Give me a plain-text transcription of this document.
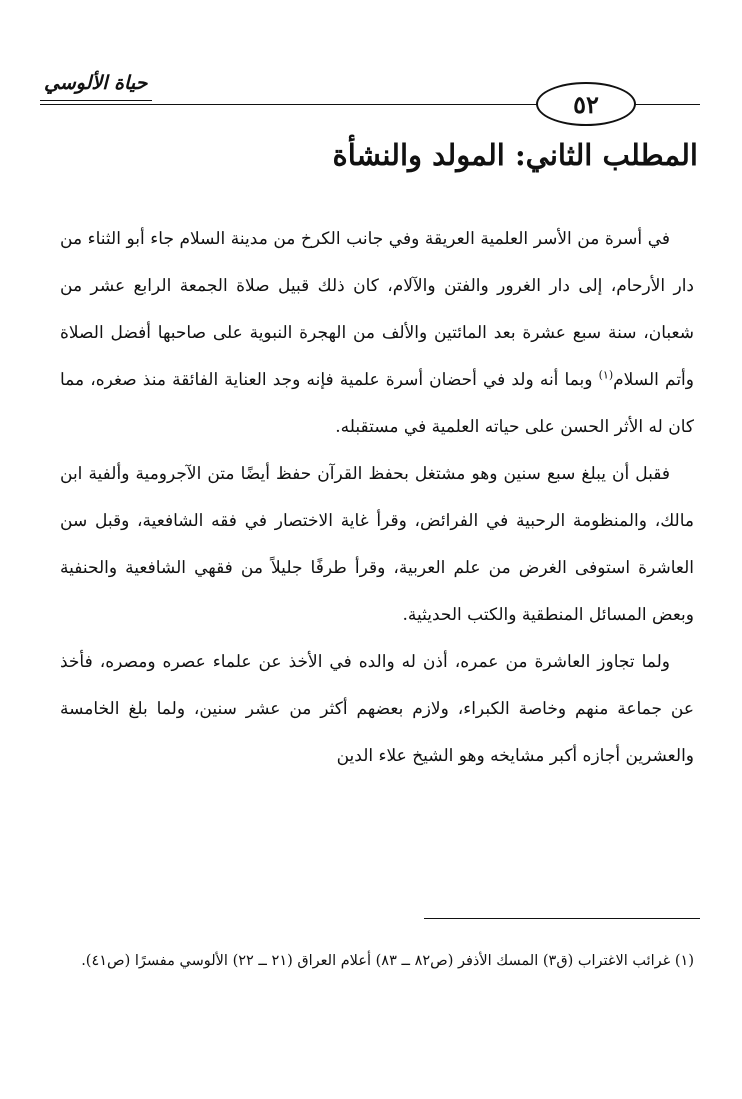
حياة الألوسي
٥٢
المطلب الثاني: المولد والنشأة

في أسرة من الأسر العلمية العريقة وفي جانب الكرخ من مدينة السلام جاء أبو الثناء من دار الأرحام، إلى دار الغرور والفتن والآلام، كان ذلك قبيل صلاة الجمعة الرابع عشر من شعبان، سنة سبع عشرة بعد المائتين والألف من الهجرة النبوية على صاحبها أفضل الصلاة وأتم السلام$^{(١)}$ وبما أنه ولد في أحضان أسرة علمية فإنه وجد العناية الفائقة منذ صغره، مما كان له الأثر الحسن على حياته العلمية في مستقبله.

فقبل أن يبلغ سبع سنين وهو مشتغل بحفظ القرآن حفظ أيضًا متن الآجرومية وألفية ابن مالك، والمنظومة الرحبية في الفرائض، وقرأ غاية الاختصار في فقه الشافعية، وقبل سن العاشرة استوفى الغرض من علم العربية، وقرأ طرفًا جليلاً من فقهي الشافعية والحنفية وبعض المسائل المنطقية والكتب الحديثية.

ولما تجاوز العاشرة من عمره، أذن له والده في الأخذ عن علماء عصره ومصره، فأخذ عن جماعة منهم وخاصة الكبراء، ولازم بعضهم أكثر من عشر سنين، ولما بلغ الخامسة والعشرين أجازه أكبر مشايخه وهو الشيخ علاء الدين

(١) غرائب الاغتراب (ق٣) المسك الأذفر (ص٨٢ ــ ٨٣) أعلام العراق (٢١ ــ ٢٢) الألوسي مفسرًا (ص٤١).
